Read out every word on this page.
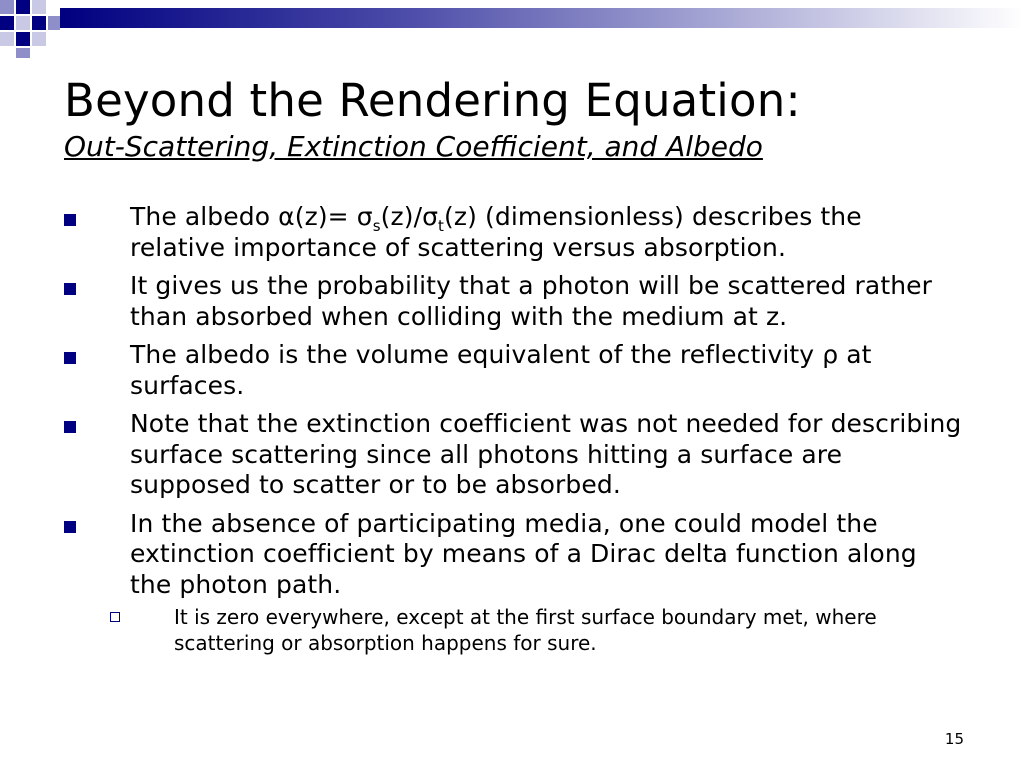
Beyond the Rendering Equation:
Out-Scattering, Extinction Coefficient, and Albedo
The albedo $\alpha(z)= \sigma_s(z)/\sigma_t(z)$ (dimensionless) describes the relative importance of scattering versus absorption.
It gives us the probability that a photon will be scattered rather than absorbed when colliding with the medium at z.
The albedo is the volume equivalent of the reflectivity ρ at surfaces.
Note that the extinction coefficient was not needed for describing surface scattering since all photons hitting a surface are supposed to scatter or to be absorbed.
In the absence of participating media, one could model the extinction coefficient by means of a Dirac delta function along the photon path.
It is zero everywhere, except at the first surface boundary met, where scattering or absorption happens for sure.
15
